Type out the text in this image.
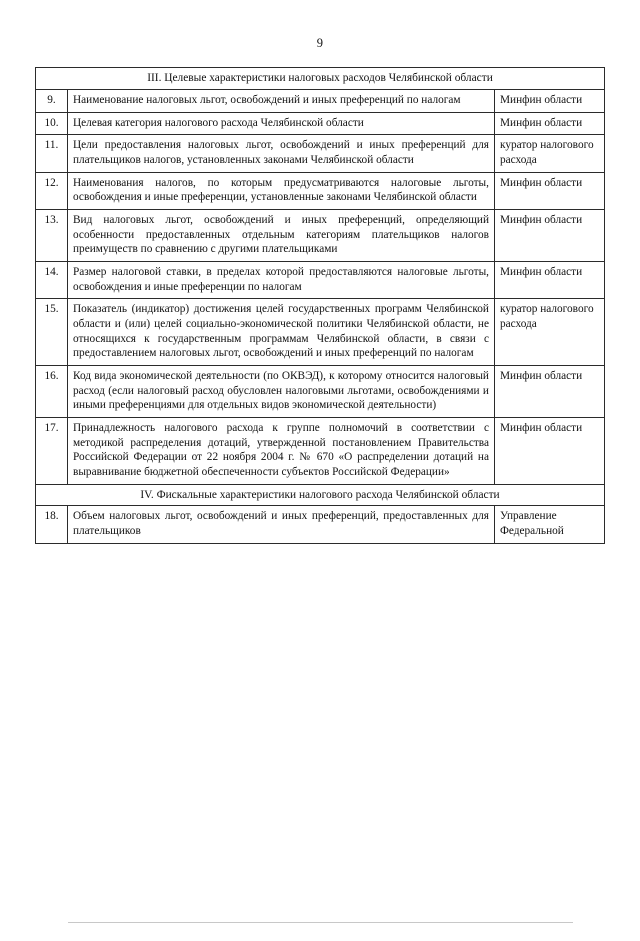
9
III. Целевые характеристики налоговых расходов Челябинской области		
9.	Наименование налоговых льгот, освобождений и иных преференций по налогам	Минфин области
10.	Целевая категория налогового расхода Челябинской области	Минфин области
11.	Цели предоставления налоговых льгот, освобождений и иных преференций для плательщиков налогов, установленных законами Челябинской области	куратор налогового расхода
12.	Наименования налогов, по которым предусматриваются налоговые льготы, освобождения и иные преференции, установленные законами Челябинской области	Минфин области
13.	Вид налоговых льгот, освобождений и иных преференций, определяющий особенности предоставленных отдельным категориям плательщиков налогов преимуществ по сравнению с другими плательщиками	Минфин области
14.	Размер налоговой ставки, в пределах которой предоставляются налоговые льготы, освобождения и иные преференции по налогам	Минфин области
15.	Показатель (индикатор) достижения целей государственных программ Челябинской области и (или) целей социально-экономической политики Челябинской области, не относящихся к государственным программам Челябинской области, в связи с предоставлением налоговых льгот, освобождений и иных преференций по налогам	куратор налогового расхода
16.	Код вида экономической деятельности (по ОКВЭД), к которому относится налоговый расход (если налоговый расход обусловлен налоговыми льготами, освобождениями и иными преференциями для отдельных видов экономической деятельности)	Минфин области
17.	Принадлежность налогового расхода к группе полномочий в соответствии с методикой распределения дотаций, утвержденной постановлением Правительства Российской Федерации от 22 ноября 2004 г. № 670 «О распределении дотаций на выравнивание бюджетной обеспеченности субъектов Российской Федерации»	Минфин области
IV. Фискальные характеристики налогового расхода Челябинской области		
18.	Объем налоговых льгот, освобождений и иных преференций, предоставленных для плательщиков	Управление Федеральной
